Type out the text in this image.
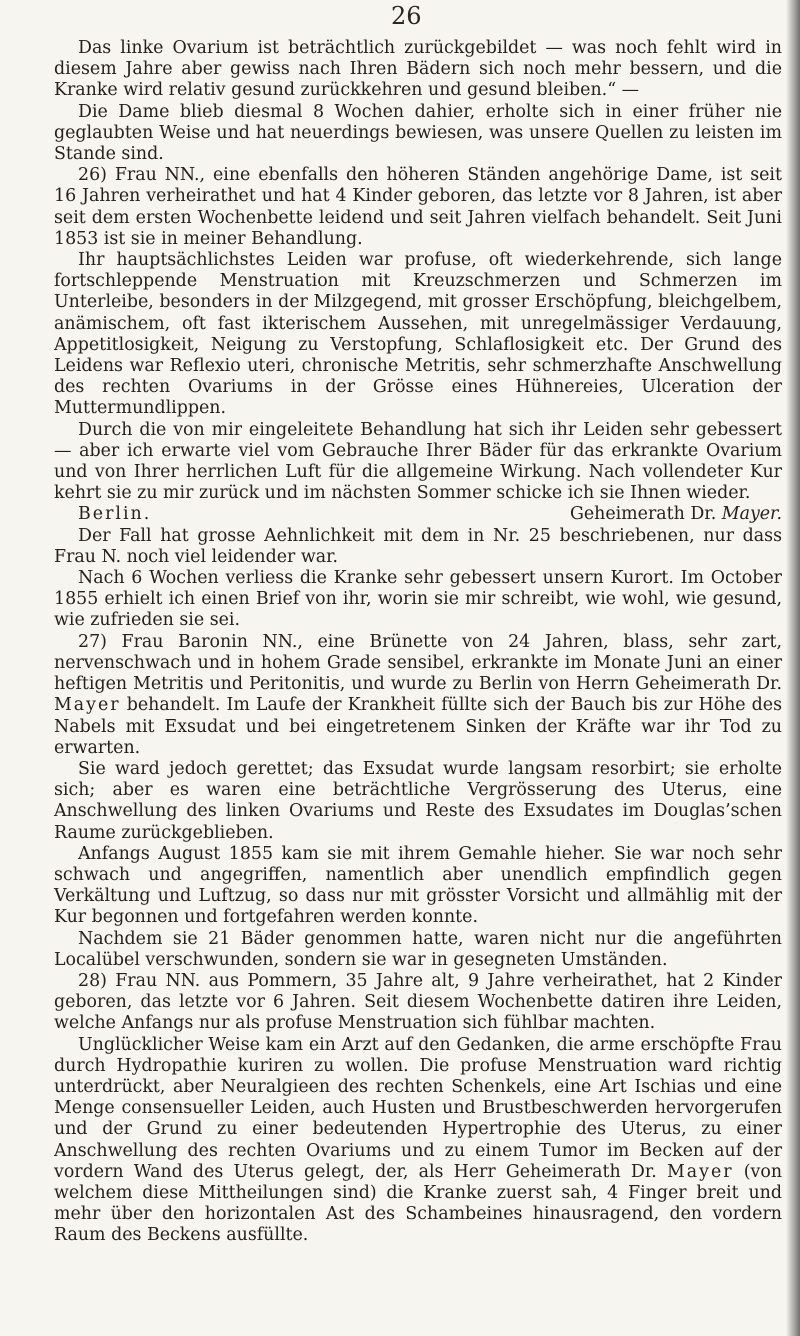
26

Das linke Ovarium ist beträchtlich zurückgebildet — was noch fehlt wird in diesem Jahre aber gewiss nach Ihren Bädern sich noch mehr bessern, und die Kranke wird relativ gesund zurückkehren und gesund bleiben.“ —

Die Dame blieb diesmal 8 Wochen dahier, erholte sich in einer früher nie geglaubten Weise und hat neuerdings bewiesen, was unsere Quellen zu leisten im Stande sind.

26) Frau NN., eine ebenfalls den höheren Ständen angehörige Dame, ist seit 16 Jahren verheirathet und hat 4 Kinder geboren, das letzte vor 8 Jahren, ist aber seit dem ersten Wochenbette leidend und seit Jahren vielfach behandelt. Seit Juni 1853 ist sie in meiner Behandlung.

Ihr hauptsächlichstes Leiden war profuse, oft wiederkehrende, sich lange fortschleppende Menstruation mit Kreuzschmerzen und Schmerzen im Unterleibe, besonders in der Milzgegend, mit grosser Erschöpfung, bleichgelbem, anämischem, oft fast ikterischem Aussehen, mit unregelmässiger Verdauung, Appetitlosigkeit, Neigung zu Verstopfung, Schlaflosigkeit etc. Der Grund des Leidens war Reflexio uteri, chronische Metritis, sehr schmerzhafte Anschwellung des rechten Ovariums in der Grösse eines Hühnereies, Ulceration der Muttermundlippen.

Durch die von mir eingeleitete Behandlung hat sich ihr Leiden sehr gebessert — aber ich erwarte viel vom Gebrauche Ihrer Bäder für das erkrankte Ovarium und von Ihrer herrlichen Luft für die allgemeine Wirkung. Nach vollendeter Kur kehrt sie zu mir zurück und im nächsten Sommer schicke ich sie Ihnen wieder.

Berlin.	Geheimerath Dr. Mayer.

Der Fall hat grosse Aehnlichkeit mit dem in Nr. 25 beschriebenen, nur dass Frau N. noch viel leidender war.

Nach 6 Wochen verliess die Kranke sehr gebessert unsern Kurort. Im October 1855 erhielt ich einen Brief von ihr, worin sie mir schreibt, wie wohl, wie gesund, wie zufrieden sie sei.

27) Frau Baronin NN., eine Brünette von 24 Jahren, blass, sehr zart, nervenschwach und in hohem Grade sensibel, erkrankte im Monate Juni an einer heftigen Metritis und Peritonitis, und wurde zu Berlin von Herrn Geheimerath Dr. Mayer behandelt. Im Laufe der Krankheit füllte sich der Bauch bis zur Höhe des Nabels mit Exsudat und bei eingetretenem Sinken der Kräfte war ihr Tod zu erwarten.

Sie ward jedoch gerettet; das Exsudat wurde langsam resorbirt; sie erholte sich; aber es waren eine beträchtliche Vergrösserung des Uterus, eine Anschwellung des linken Ovariums und Reste des Exsudates im Douglas’schen Raume zurückgeblieben.

Anfangs August 1855 kam sie mit ihrem Gemahle hieher. Sie war noch sehr schwach und angegriffen, namentlich aber unendlich empfindlich gegen Verkältung und Luftzug, so dass nur mit grösster Vorsicht und allmählig mit der Kur begonnen und fortgefahren werden konnte.

Nachdem sie 21 Bäder genommen hatte, waren nicht nur die angeführten Localübel verschwunden, sondern sie war in gesegneten Umständen.

28) Frau NN. aus Pommern, 35 Jahre alt, 9 Jahre verheirathet, hat 2 Kinder geboren, das letzte vor 6 Jahren. Seit diesem Wochenbette datiren ihre Leiden, welche Anfangs nur als profuse Menstruation sich fühlbar machten.

Unglücklicher Weise kam ein Arzt auf den Gedanken, die arme erschöpfte Frau durch Hydropathie kuriren zu wollen. Die profuse Menstruation ward richtig unterdrückt, aber Neuralgieen des rechten Schenkels, eine Art Ischias und eine Menge consensueller Leiden, auch Husten und Brustbeschwerden hervorgerufen und der Grund zu einer bedeutenden Hypertrophie des Uterus, zu einer Anschwellung des rechten Ovariums und zu einem Tumor im Becken auf der vordern Wand des Uterus gelegt, der, als Herr Geheimerath Dr. Mayer (von welchem diese Mittheilungen sind) die Kranke zuerst sah, 4 Finger breit und mehr über den horizontalen Ast des Schambeines hinausragend, den vordern Raum des Beckens ausfüllte.
